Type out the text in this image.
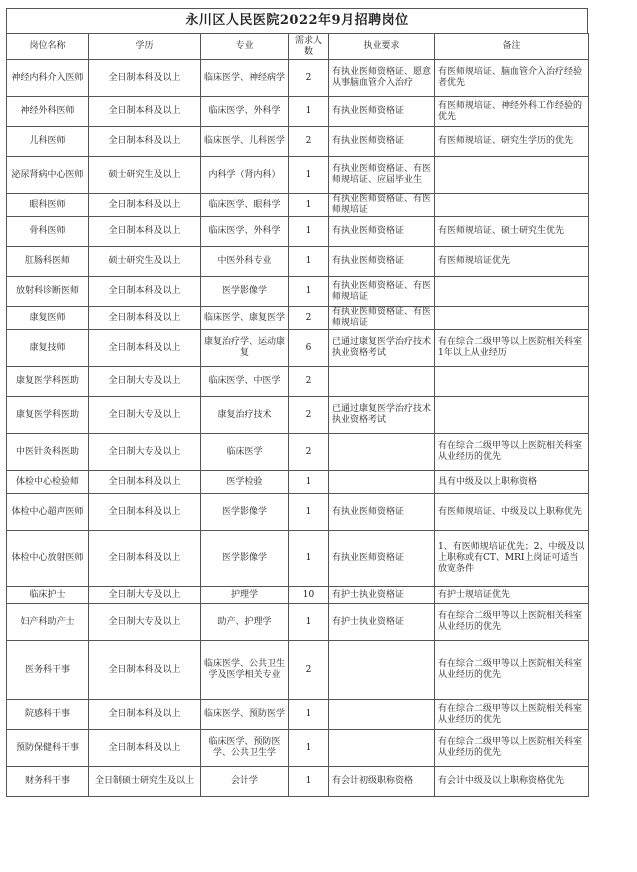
永川区人民医院2022年9月招聘岗位
岗位名称	学历	专业	需求人数	执业要求	备注
神经内科介入医师	全日制本科及以上	临床医学、神经病学	2	有执业医师资格证、愿意从事脑血管介入治疗	有医师规培证、脑血管介入治疗经验者优先
神经外科医师	全日制本科及以上	临床医学、外科学	1	有执业医师资格证	有医师规培证、神经外科工作经验的优先
儿科医师	全日制本科及以上	临床医学、儿科医学	2	有执业医师资格证	有医师规培证、研究生学历的优先
泌尿肾病中心医师	硕士研究生及以上	内科学（肾内科）	1	有执业医师资格证、有医师规培证、应届毕业生	
眼科医师	全日制本科及以上	临床医学、眼科学	1	有执业医师资格证、有医师规培证	
骨科医师	全日制本科及以上	临床医学、外科学	1	有执业医师资格证	有医师规培证、硕士研究生优先
肛肠科医师	硕士研究生及以上	中医外科专业	1	有执业医师资格证	有医师规培证优先
放射科诊断医师	全日制本科及以上	医学影像学	1	有执业医师资格证、有医师规培证	
康复医师	全日制本科及以上	临床医学、康复医学	2	有执业医师资格证、有医师规培证	
康复技师	全日制本科及以上	康复治疗学、运动康复	6	已通过康复医学治疗技术执业资格考试	有在综合二级甲等以上医院相关科室1年以上从业经历
康复医学科医助	全日制大专及以上	临床医学、中医学	2		
康复医学科医助	全日制大专及以上	康复治疗技术	2	已通过康复医学治疗技术执业资格考试	
中医针灸科医助	全日制大专及以上	临床医学	2		有在综合二级甲等以上医院相关科室从业经历的优先
体检中心检验师	全日制本科及以上	医学检验	1		具有中级及以上职称资格
体检中心超声医师	全日制本科及以上	医学影像学	1	有执业医师资格证	有医师规培证、中级及以上职称优先
体检中心放射医师	全日制本科及以上	医学影像学	1	有执业医师资格证	1、有医师规培证优先；2、中级及以上职称或有CT、MRI上岗证可适当放宽条件
临床护士	全日制大专及以上	护理学	10	有护士执业资格证	有护士规培证优先
妇产科助产士	全日制大专及以上	助产、护理学	1	有护士执业资格证	有在综合二级甲等以上医院相关科室从业经历的优先
医务科干事	全日制本科及以上	临床医学、公共卫生学及医学相关专业	2		有在综合二级甲等以上医院相关科室从业经历的优先
院感科干事	全日制本科及以上	临床医学、预防医学	1		有在综合二级甲等以上医院相关科室从业经历的优先
预防保健科干事	全日制本科及以上	临床医学、预防医学、公共卫生学	1		有在综合二级甲等以上医院相关科室从业经历的优先
财务科干事	全日制硕士研究生及以上	会计学	1	有会计初级职称资格	有会计中级及以上职称资格优先
